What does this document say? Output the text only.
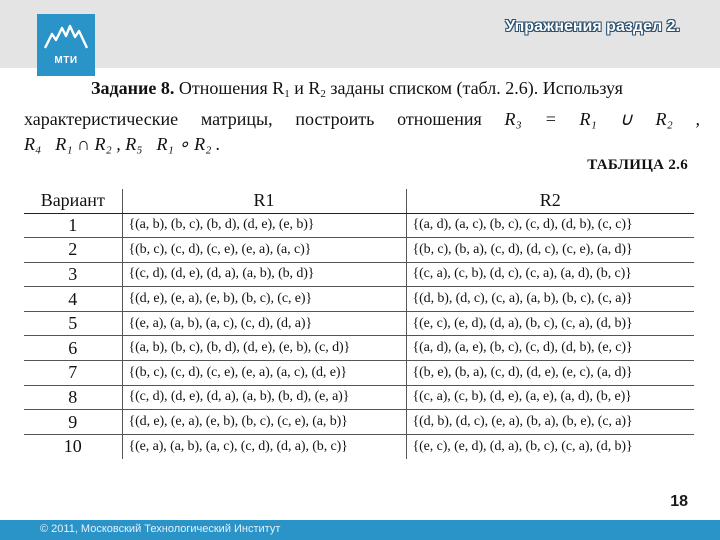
МТИ
Упражнения раздел 2.
Задание 8. Отношения $R_1$ и $R_2$ заданы списком (табл. 2.6). Используя
характеристические матрицы, построить отношения R₃ = R₁ ∪ R₂ ,
R₄ R₁ ∩ R₂ , R₅ R₁ ∘ R₂ .
ТАБЛИЦА 2.6
Вариант	R1	R2
1	{(a, b), (b, c), (b, d), (d, e), (e, b)}	{(a, d), (a, c), (b, c), (c, d), (d, b), (c, c)}
2	{(b, c), (c, d), (c, e), (e, a), (a, c)}	{(b, c), (b, a), (c, d), (d, c), (c, e), (a, d)}
3	{(c, d), (d, e), (d, a), (a, b), (b, d)}	{(c, a), (c, b), (d, c), (c, a), (a, d), (b, c)}
4	{(d, e), (e, a), (e, b), (b, c), (c, e)}	{(d, b), (d, c), (c, a), (a, b), (b, c), (c, a)}
5	{(e, a), (a, b), (a, c), (c, d), (d, a)}	{(e, c), (e, d), (d, a), (b, c), (c, a), (d, b)}
6	{(a, b), (b, c), (b, d), (d, e), (e, b), (c, d)}	{(a, d), (a, e), (b, c), (c, d), (d, b), (e, c)}
7	{(b, c), (c, d), (c, e), (e, a), (a, c), (d, e)}	{(b, e), (b, a), (c, d), (d, e), (e, c), (a, d)}
8	{(c, d), (d, e), (d, a), (a, b), (b, d), (e, a)}	{(c, a), (c, b), (d, e), (a, e), (a, d), (b, e)}
9	{(d, e), (e, a), (e, b), (b, c), (c, e), (a, b)}	{(d, b), (d, c), (e, a), (b, a), (b, e), (c, a)}
10	{(e, a), (a, b), (a, c), (c, d), (d, a), (b, c)}	{(e, c), (e, d), (d, a), (b, c), (c, a), (d, b)}
18
© 2011, Московский Технологический Институт
